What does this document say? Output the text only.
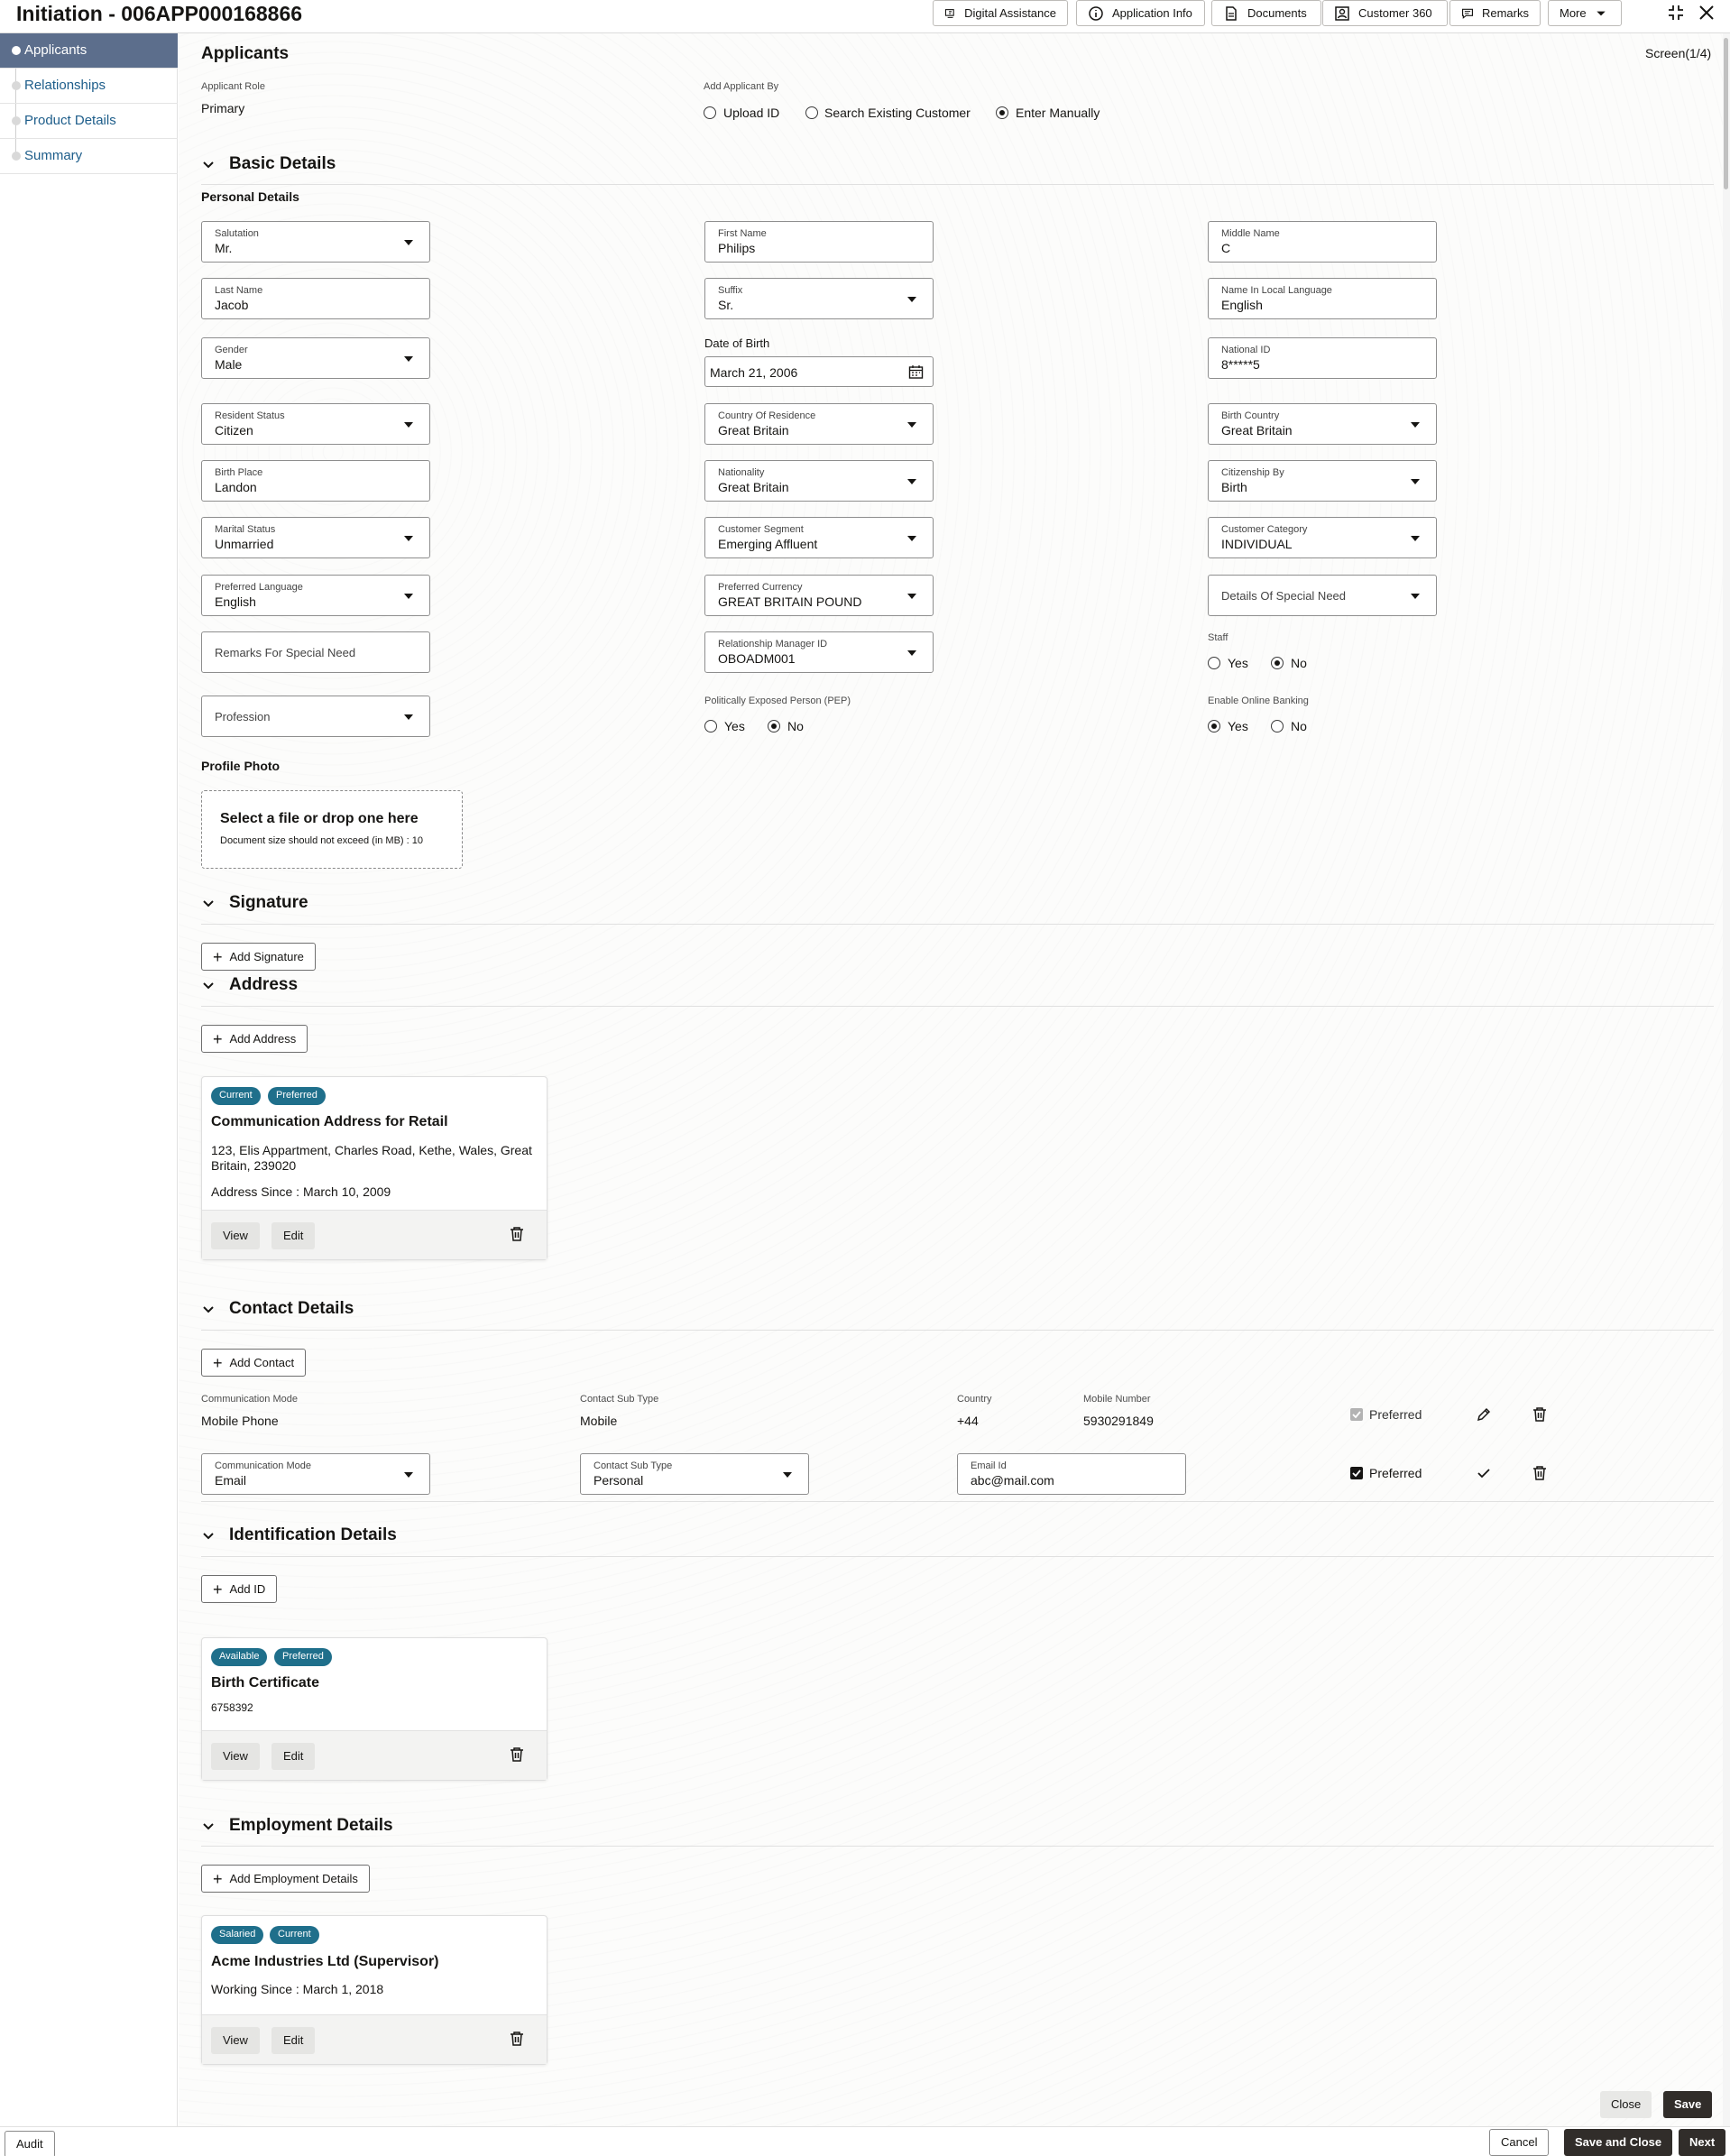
Initiation - 006APP000168866	Digital Assistance	Application Info	Documents	Customer 360	Remarks	More
Applicants
Relationships
Product Details
Summary
Applicants	Screen(1/4)
Applicant Role
Primary
Add Applicant By
Upload ID	Search Existing Customer	Enter Manually
Basic Details
Personal Details
Salutation
Mr.
First Name
Philips
Middle Name
C
Last Name
Jacob
Suffix
Sr.
Name In Local Language
English
Gender
Male
Date of Birth
March 21, 2006
National ID
8*****5
Resident Status
Citizen
Country Of Residence
Great Britain
Birth Country
Great Britain
Birth Place
Landon
Nationality
Great Britain
Citizenship By
Birth
Marital Status
Unmarried
Customer Segment
Emerging Affluent
Customer Category
INDIVIDUAL
Preferred Language
English
Preferred Currency
GREAT BRITAIN POUND	Details Of Special Need
Remarks For Special Need
Relationship Manager ID
OBOADM001
Staff
Yes	No
Profession
Politically Exposed Person (PEP)
Yes	No
Enable Online Banking
Yes	No
Profile Photo
Select a file or drop one here
Document size should not exceed (in MB) : 10
Signature
+ Add Signature
Address
+ Add Address
Current	Preferred
Communication Address for Retail
123, Elis Appartment, Charles Road, Kethe, Wales, Great
Britain, 239020
Address Since : March 10, 2009
View	Edit
Contact Details
+ Add Contact
Communication Mode
Mobile Phone
Contact Sub Type
Mobile
Country
+44
Mobile Number
5930291849	Preferred
Communication Mode
Email
Contact Sub Type
Personal
Email Id
abc@mail.com	Preferred
Identification Details
+ Add ID
Available	Preferred
Birth Certificate
6758392
View	Edit
Employment Details
+ Add Employment Details
Salaried	Current
Acme Industries Ltd (Supervisor)
Working Since : March 1, 2018
View	Edit
Close	Save
Audit	Cancel	Save and Close	Next
